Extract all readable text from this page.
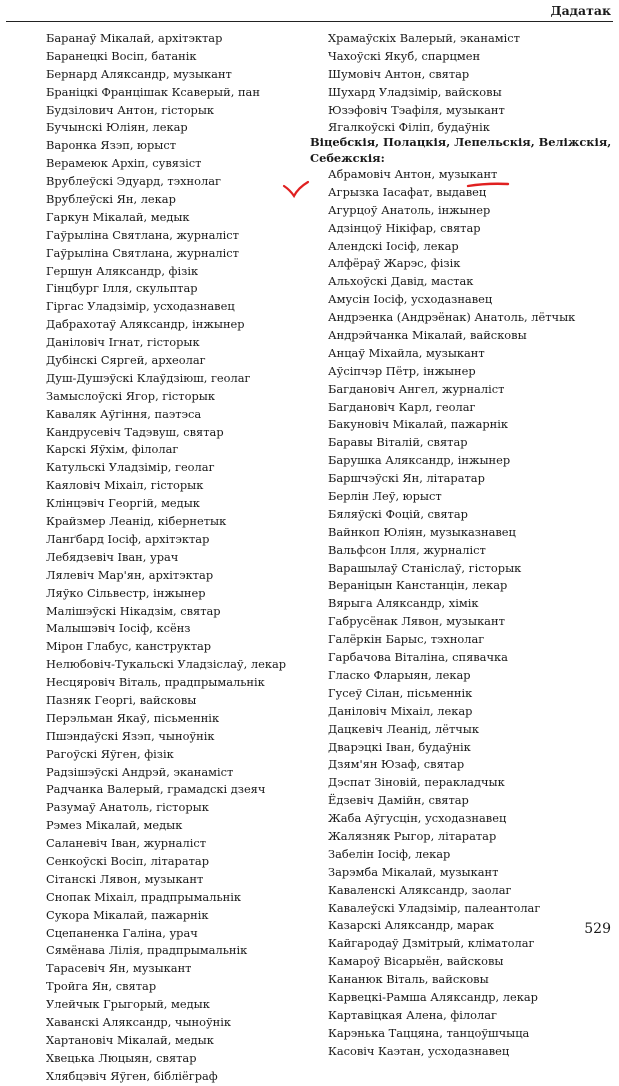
Дадатак
Баранаў Мікалай, архітэктар
Баранецкі Восіп, батанік
Бернард Аляксандр, музыкант
Браніцкі Францішак Ксаверый, пан
Будзілович Антон, гісторык
Бучынскі Юліян, лекар
Варонка Язэп, юрыст
Верамеюк Архіп, сувязіст
Врублеўскі Эдуард, тэхнолаг
Врублеўскі Ян, лекар
Гаркун Мікалай, медык
Гаўрыліна Святлана, журналіст
Гаўрыліна Святлана, журналіст
Гершун Аляксандр, фізік
Гінцбург Ілля, скульптар
Гіргас Уладзімір, усходазнавец
Дабрахотаў Аляксандр, інжынер
Даніловіч Ігнат, гісторык
Дубінскі Сяргей, археолаг
Душ-Душэўскі Клаўдзіюш, геолаг
Замыслоўскі Ягор, гісторык
Каваляк Аўгіння, паэтэса
Кандрусевіч Тадэвуш, святар
Карскі Яўхім, філолаг
Катульскі Уладзімір, геолаг
Каяловіч Міхаіл, гісторык
Клінцэвіч Георгій, медык
Крайзмер Леанід, кібернетык
Ланґбард Іосіф, архітэктар
Лебядзевіч Іван, урач
Лялевіч Мар'ян, архітэктар
Ляўко Сільвестр, інжынер
Малішэўскі Нікадзім, святар
Малышэвіч Іосіф, ксёнз
Мірон Глабус, канструктар
Нелюбовіч-Тукальскі Уладзіслаў, лекар
Несцяровіч Віталь, прадпрымальнік
Пазняк Георгі, вайсковы
Перэльман Якаў, пісьменнік
Пшэндаўскі Язэп, чыноўнік
Рагоўскі Яўген, фізік
Радзішэўскі Андрэй, эканаміст
Радчанка Валерый, грамадскі дзеяч
Разумаў Анатоль, гісторык
Рэмез Мікалай, медык
Саланевіч Іван, журналіст
Сенкоўскі Восіп, літаратар
Сітанскі Лявон, музыкант
Снопак Міхаіл, прадпрымальнік
Сукора Мікалай, пажарнік
Сцепаненка Галіна, урач
Сямёнава Лілія, прадпрымальнік
Тарасевіч Ян, музыкант
Тройга Ян, святар
Улейчык Грыгорый, медык
Хаванскі Аляксандр, чыноўнік
Хартановіч Мікалай, медык
Хвецька Люцыян, святар
Хлябцэвіч Яўген, бібліёграф
Храмаўскіх Валерый, эканаміст
Чахоўскі Якуб, спарцмен
Шумовіч Антон, святар
Шухард Уладзімір, вайсковы
Юзэфовіч Тэафіля, музыкант
Ягалкоўскі Філіп, будаўнік
Віцебскія, Полацкія, Лепельскія, Веліжскія,
Себежскія:
Абрамовіч Антон, музыкант
Агрызка Іасафат, выдавец
Агурцоў Анатоль, інжынер
Адзінцоў Нікіфар, святар
Алендскі Іосіф, лекар
Алфёраў Жарэс, фізік
Альхоўскі Давід, мастак
Амусін Іосіф, усходазнавец
Андрэенка (Андрэёнак) Анатоль, лётчык
Андрэйчанка Мікалай, вайсковы
Анцаў Міхайла, музыкант
Аўсіпчэр Пётр, інжынер
Багдановіч Ангел, журналіст
Багдановіч Карл, геолаг
Бакуновіч Мікалай, пажарнік
Баравы Віталій, святар
Барушка Аляксандр, інжынер
Баршчэўскі Ян, літаратар
Берлін Леў, юрыст
Бяляўскі Фоцій, святар
Вайнкоп Юліян, музыказнавец
Вальфсон Ілля, журналіст
Варашылаў Станіслаў, гісторык
Вераніцын Канстанцін, лекар
Вярыга Аляксандр, хімік
Габрусёнак Лявон, музыкант
Галёркін Барыс, тэхнолаг
Гарбачова Віталіна, спявачка
Гласко Фларыян, лекар
Гусеў Сілан, пісьменнік
Даніловіч Міхаіл, лекар
Дацкевіч Леанід, лётчык
Дварэцкі Іван, будаўнік
Дзям'ян Юзаф, святар
Дэспат Зіновій, перакладчык
Ёдзевіч Дамійн, святар
Жаба Аўгусцін, усходазнавец
Жалязняк Рыгор, літаратар
Забелін Іосіф, лекар
Зарэмба Мікалай, музыкант
Каваленскі Аляксандр, заолаг
Кавалеўскі Уладзімір, палеантолаг
Казарскі Аляксандр, марак
Кайгародаў Дзмітрый, кліматолаг
Камароў Вісарыён, вайсковы
Кананюк Віталь, вайсковы
Карвецкі-Рамша Аляксандр, лекар
Картавіцкая Алена, філолаг
Карэнька Таццяна, танцоўшчыца
Касовіч Каэтан, усходазнавец
529
